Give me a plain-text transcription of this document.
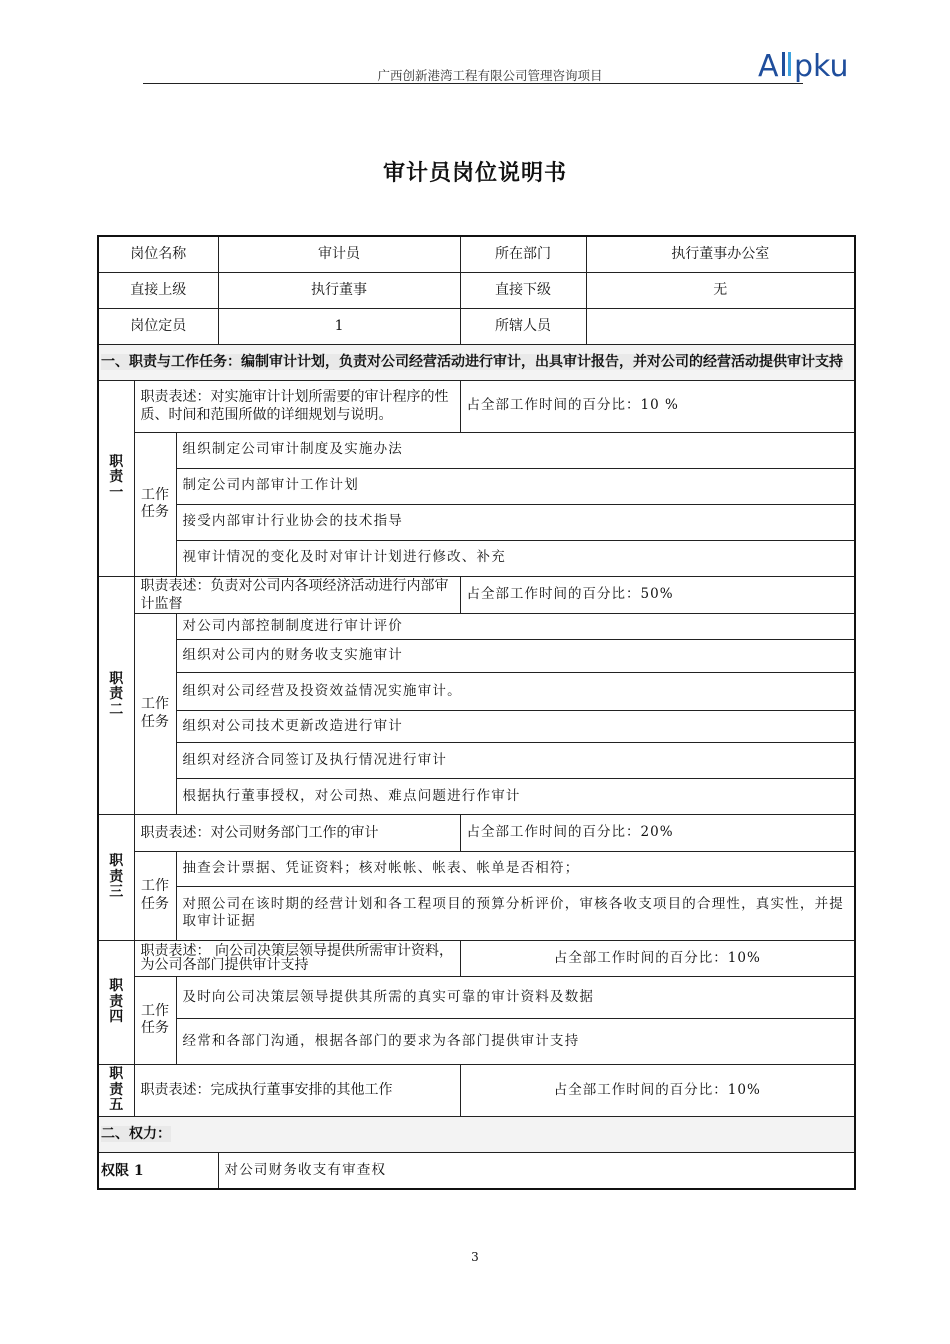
广西创新港湾工程有限公司管理咨询项目	A pku
审计员岗位说明书
岗位名称			审计员	所在部门	执行董事办公室
直接上级			执行董事	直接下级	无
岗位定员			1	所辖人员	
一、职责与工作任务：编制审计计划，负责对公司经营活动进行审计，出具审计报告，并对公司的经营活动提供审计支持					
职责一	职责表述：对实施审计计划所需要的审计程序的性质、时间和范围所做的详细规划与说明。			占全部工作时间的百分比：10 %	
	工作任务	组织制定公司审计制度及实施办法			
		制定公司内部审计工作计划			
		接受内部审计行业协会的技术指导			
		视审计情况的变化及时对审计计划进行修改、补充			
职责二	职责表述：负责对公司内各项经济活动进行内部审计监督			占全部工作时间的百分比：50%	
	工作任务	对公司内部控制制度进行审计评价			
		组织对公司内的财务收支实施审计			
		组织对公司经营及投资效益情况实施审计。			
		组织对公司技术更新改造进行审计			
		组织对经济合同签订及执行情况进行审计			
		根据执行董事授权，对公司热、难点问题进行作审计			
职责三	职责表述：对公司财务部门工作的审计			占全部工作时间的百分比：20%	
	工作任务	抽查会计票据、凭证资料；核对帐帐、帐表、帐单是否相符；			
		对照公司在该时期的经营计划和各工程项目的预算分析评价，审核各收支项目的合理性，真实性，并提取审计证据			
职责四	职责表述： 向公司决策层领导提供所需审计资料，为公司各部门提供审计支持			占全部工作时间的百分比：10%	
	工作任务	及时向公司决策层领导提供其所需的真实可靠的审计资料及数据			
		经常和各部门沟通，根据各部门的要求为各部门提供审计支持			
职责五	职责表述：完成执行董事安排的其他工作			占全部工作时间的百分比：10%	
二、权力：					
权限 1			对公司财务收支有审查权		
3
